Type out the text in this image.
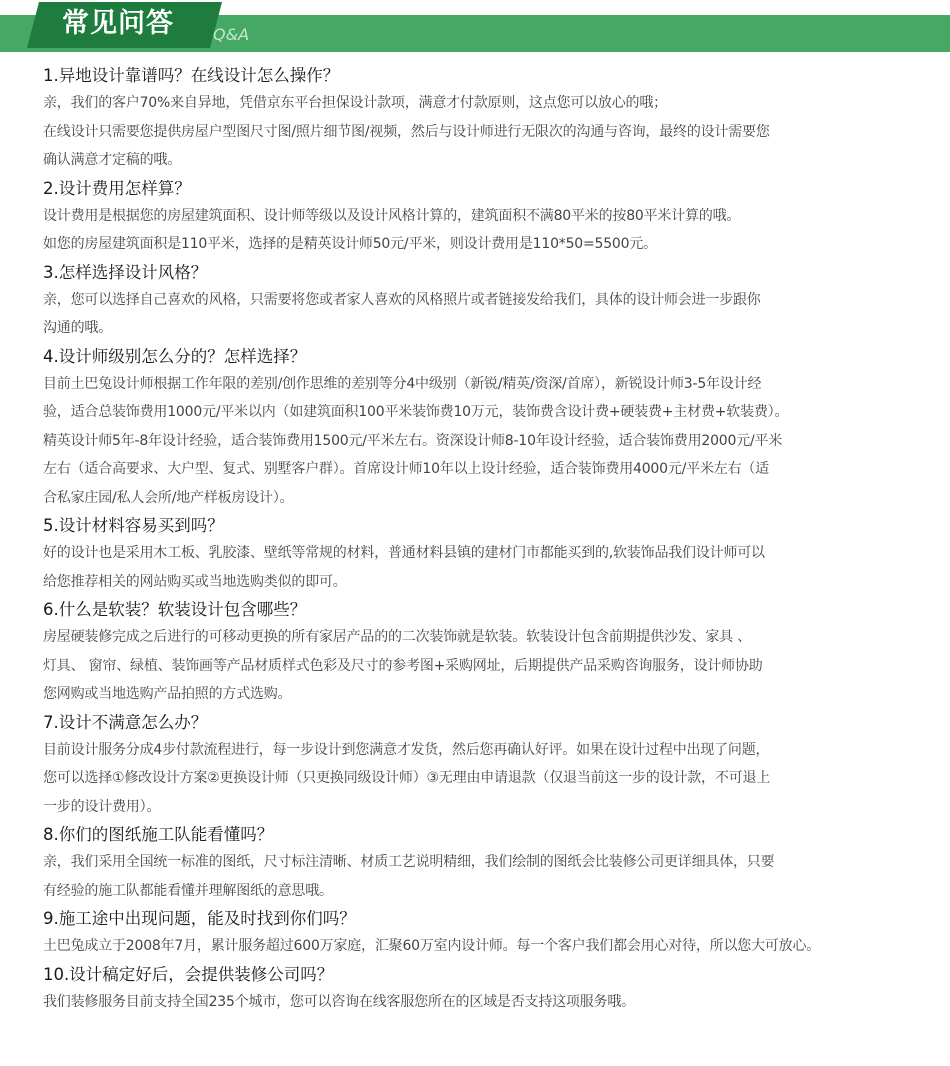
常见问答 Q&A
1.异地设计靠谱吗？在线设计怎么操作？
亲，我们的客户70%来自异地，凭借京东平台担保设计款项，满意才付款原则，这点您可以放心的哦；
在线设计只需要您提供房屋户型图尺寸图/照片细节图/视频，然后与设计师进行无限次的沟通与咨询，最终的设计需要您
确认满意才定稿的哦。
2.设计费用怎样算？
设计费用是根据您的房屋建筑面积、设计师等级以及设计风格计算的，建筑面积不满80平米的按80平米计算的哦。
如您的房屋建筑面积是110平米，选择的是精英设计师50元/平米，则设计费用是110*50=5500元。
3.怎样选择设计风格？
亲，您可以选择自己喜欢的风格，只需要将您或者家人喜欢的风格照片或者链接发给我们，具体的设计师会进一步跟你
沟通的哦。
4.设计师级别怎么分的？怎样选择？
目前土巴兔设计师根据工作年限的差别/创作思维的差别等分4中级别（新锐/精英/资深/首席），新锐设计师3-5年设计经
验，适合总装饰费用1000元/平米以内（如建筑面积100平米装饰费10万元，装饰费含设计费+硬装费+主材费+软装费）。
精英设计师5年-8年设计经验，适合装饰费用1500元/平米左右。资深设计师8-10年设计经验，适合装饰费用2000元/平米
左右（适合高要求、大户型、复式、别墅客户群）。首席设计师10年以上设计经验，适合装饰费用4000元/平米左右（适
合私家庄园/私人会所/地产样板房设计）。
5.设计材料容易买到吗？
好的设计也是采用木工板、乳胶漆、壁纸等常规的材料，普通材料县镇的建材门市都能买到的,软装饰品我们设计师可以
给您推荐相关的网站购买或当地选购类似的即可。
6.什么是软装？软装设计包含哪些？
房屋硬装修完成之后进行的可移动更换的所有家居产品的的二次装饰就是软装。软装设计包含前期提供沙发、家具 、
灯具、 窗帘、绿植、装饰画等产品材质样式色彩及尺寸的参考图+采购网址，后期提供产品采购咨询服务，设计师协助
您网购或当地选购产品拍照的方式选购。
7.设计不满意怎么办？
目前设计服务分成4步付款流程进行，每一步设计到您满意才发货，然后您再确认好评。如果在设计过程中出现了问题，
您可以选择①修改设计方案②更换设计师（只更换同级设计师）③无理由申请退款（仅退当前这一步的设计款，不可退上
一步的设计费用）。
8.你们的图纸施工队能看懂吗？
亲，我们采用全国统一标准的图纸，尺寸标注清晰、材质工艺说明精细，我们绘制的图纸会比装修公司更详细具体，只要
有经验的施工队都能看懂并理解图纸的意思哦。
9.施工途中出现问题，能及时找到你们吗？
土巴兔成立于2008年7月，累计服务超过600万家庭，汇聚60万室内设计师。每一个客户我们都会用心对待，所以您大可放心。
10.设计稿定好后，会提供装修公司吗？
我们装修服务目前支持全国235个城市，您可以咨询在线客服您所在的区域是否支持这项服务哦。
